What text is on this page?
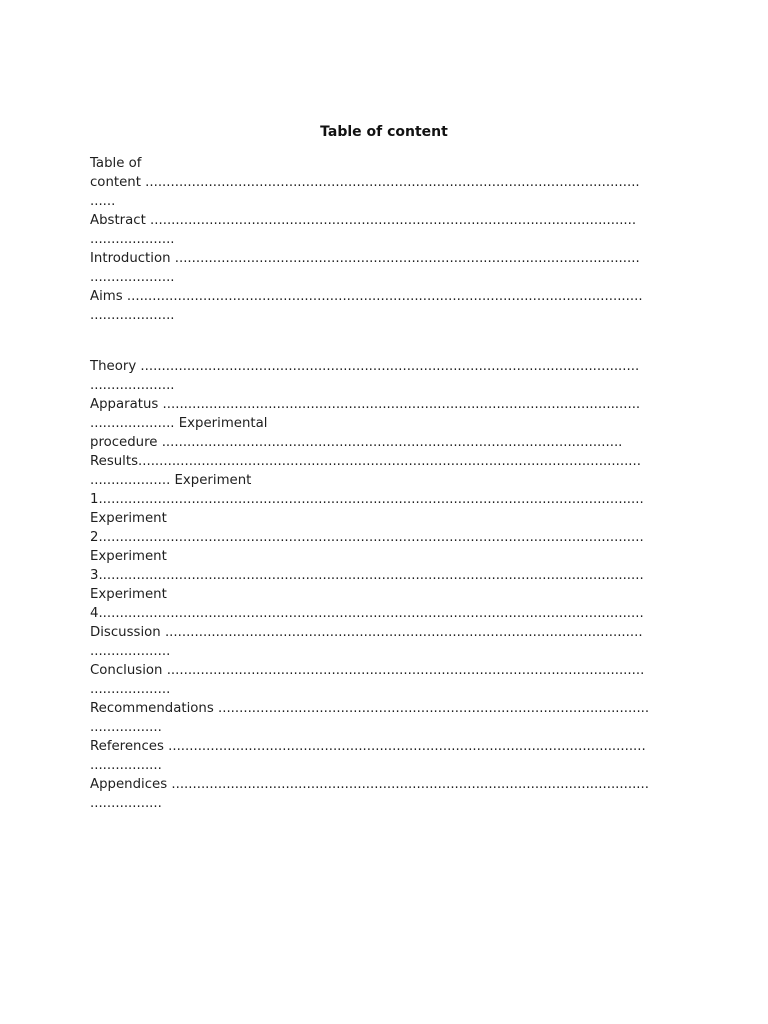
Table of content
Table of
content .....................................................................................................................
......
Abstract ...................................................................................................................
....................
Introduction ..............................................................................................................
....................
Aims ..........................................................................................................................
....................
Theory ......................................................................................................................
....................
Apparatus .................................................................................................................
.................... Experimental
procedure .............................................................................................................
Results.......................................................................................................................
................... Experiment
1.................................................................................................................................
Experiment
2.................................................................................................................................
Experiment
3.................................................................................................................................
Experiment
4.................................................................................................................................
Discussion .................................................................................................................
...................
Conclusion .................................................................................................................
...................
Recommendations ......................................................................................................
.................
References .................................................................................................................
.................
Appendices .................................................................................................................
.................
